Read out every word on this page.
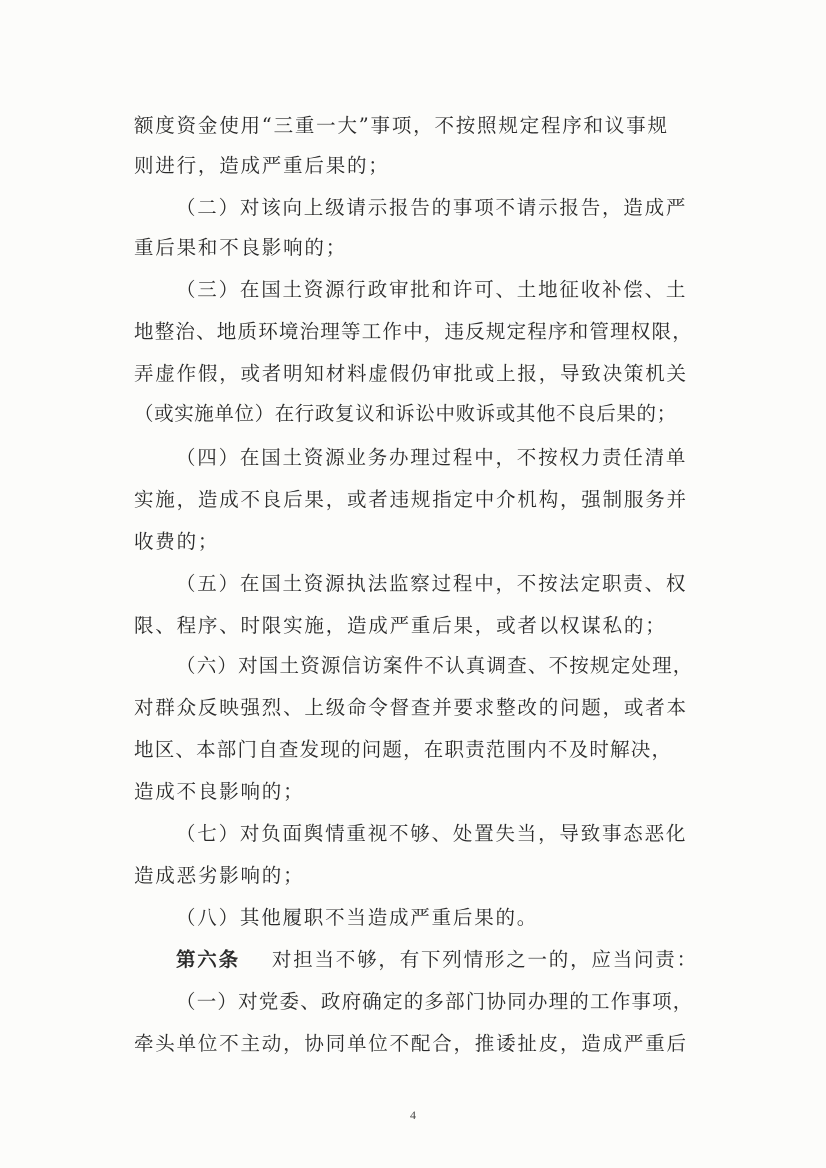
额度资金使用“三重一大”事项，不按照规定程序和议事规
则进行，造成严重后果的；
（二）对该向上级请示报告的事项不请示报告，造成严
重后果和不良影响的；
（三）在国土资源行政审批和许可、土地征收补偿、土
地整治、地质环境治理等工作中，违反规定程序和管理权限，
弄虚作假，或者明知材料虚假仍审批或上报，导致决策机关
（或实施单位）在行政复议和诉讼中败诉或其他不良后果的；
（四）在国土资源业务办理过程中，不按权力责任清单
实施，造成不良后果，或者违规指定中介机构，强制服务并
收费的；
（五）在国土资源执法监察过程中，不按法定职责、权
限、程序、时限实施，造成严重后果，或者以权谋私的；
（六）对国土资源信访案件不认真调查、不按规定处理，
对群众反映强烈、上级命令督查并要求整改的问题，或者本
地区、本部门自查发现的问题，在职责范围内不及时解决，
造成不良影响的；
（七）对负面舆情重视不够、处置失当，导致事态恶化
造成恶劣影响的；
（八）其他履职不当造成严重后果的。
第六条 对担当不够，有下列情形之一的，应当问责：
（一）对党委、政府确定的多部门协同办理的工作事项，
牵头单位不主动，协同单位不配合，推诿扯皮，造成严重后
4
